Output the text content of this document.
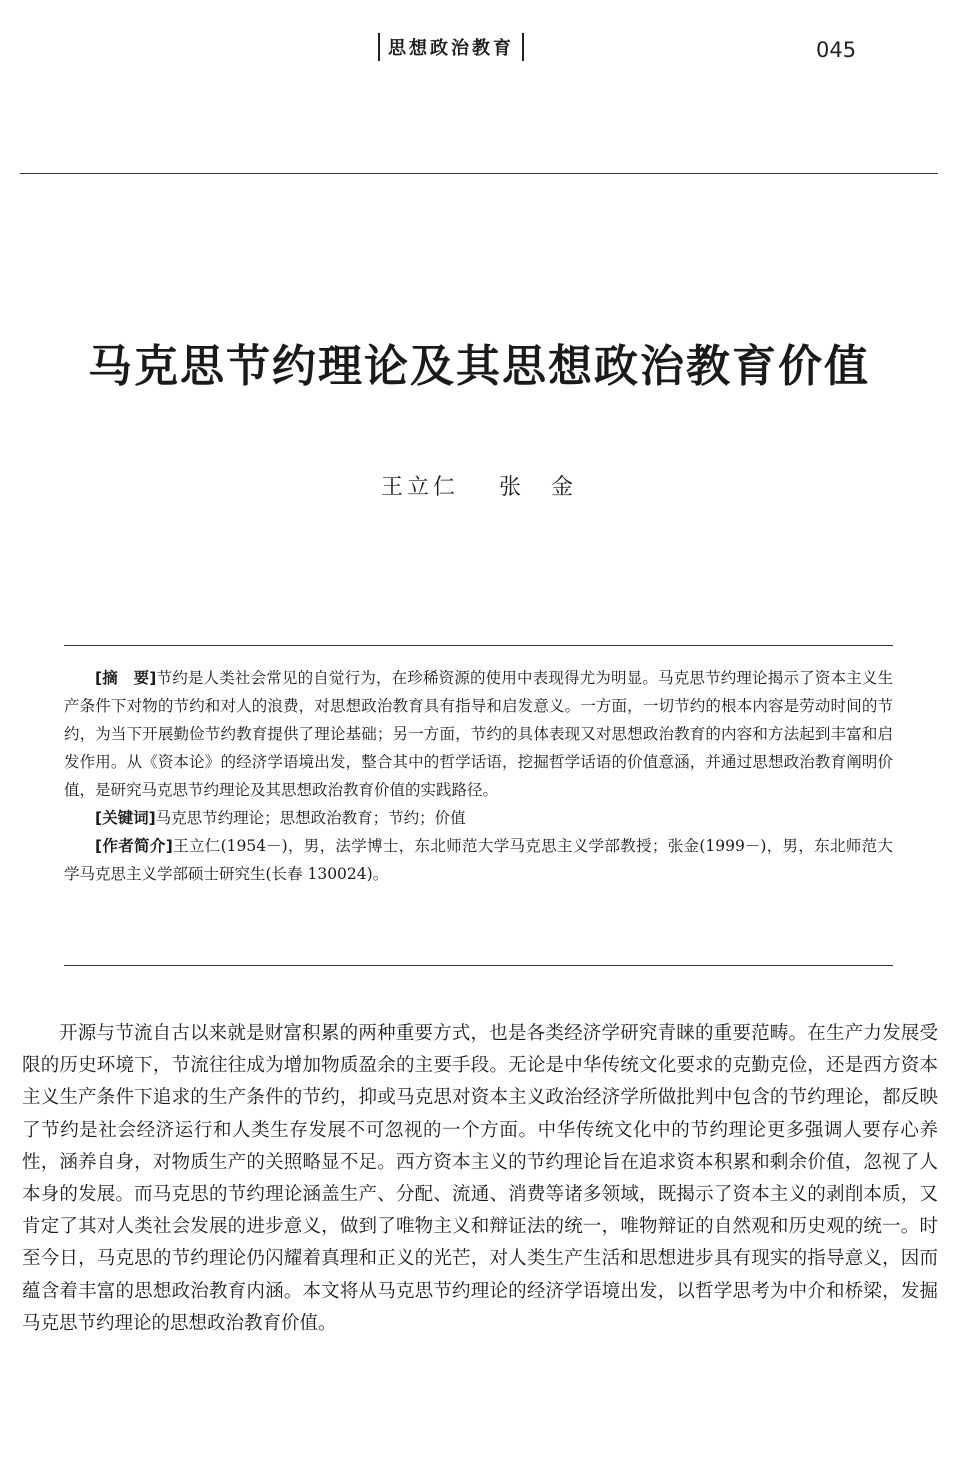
思想政治教育	045
马克思节约理论及其思想政治教育价值
王立仁 张　金

[摘　要]节约是人类社会常见的自觉行为，在珍稀资源的使用中表现得尤为明显。马克思节约理论揭示了资本主义生产条件下对物的节约和对人的浪费，对思想政治教育具有指导和启发意义。一方面，一切节约的根本内容是劳动时间的节约，为当下开展勤俭节约教育提供了理论基础；另一方面，节约的具体表现又对思想政治教育的内容和方法起到丰富和启发作用。从《资本论》的经济学语境出发，整合其中的哲学话语，挖掘哲学话语的价值意涵，并通过思想政治教育阐明价值，是研究马克思节约理论及其思想政治教育价值的实践路径。

[关键词]马克思节约理论；思想政治教育；节约；价值

[作者简介]王立仁(1954－)，男，法学博士，东北师范大学马克思主义学部教授；张金(1999－)，男，东北师范大学马克思主义学部硕士研究生(长春 130024)。

开源与节流自古以来就是财富积累的两种重要方式，也是各类经济学研究青睐的重要范畴。在生产力发展受限的历史环境下，节流往往成为增加物质盈余的主要手段。无论是中华传统文化要求的克勤克俭，还是西方资本主义生产条件下追求的生产条件的节约，抑或马克思对资本主义政治经济学所做批判中包含的节约理论，都反映了节约是社会经济运行和人类生存发展不可忽视的一个方面。中华传统文化中的节约理论更多强调人要存心养性，涵养自身，对物质生产的关照略显不足。西方资本主义的节约理论旨在追求资本积累和剩余价值，忽视了人本身的发展。而马克思的节约理论涵盖生产、分配、流通、消费等诸多领域，既揭示了资本主义的剥削本质，又肯定了其对人类社会发展的进步意义，做到了唯物主义和辩证法的统一，唯物辩证的自然观和历史观的统一。时至今日，马克思的节约理论仍闪耀着真理和正义的光芒，对人类生产生活和思想进步具有现实的指导意义，因而蕴含着丰富的思想政治教育内涵。本文将从马克思节约理论的经济学语境出发，以哲学思考为中介和桥梁，发掘马克思节约理论的思想政治教育价值。
